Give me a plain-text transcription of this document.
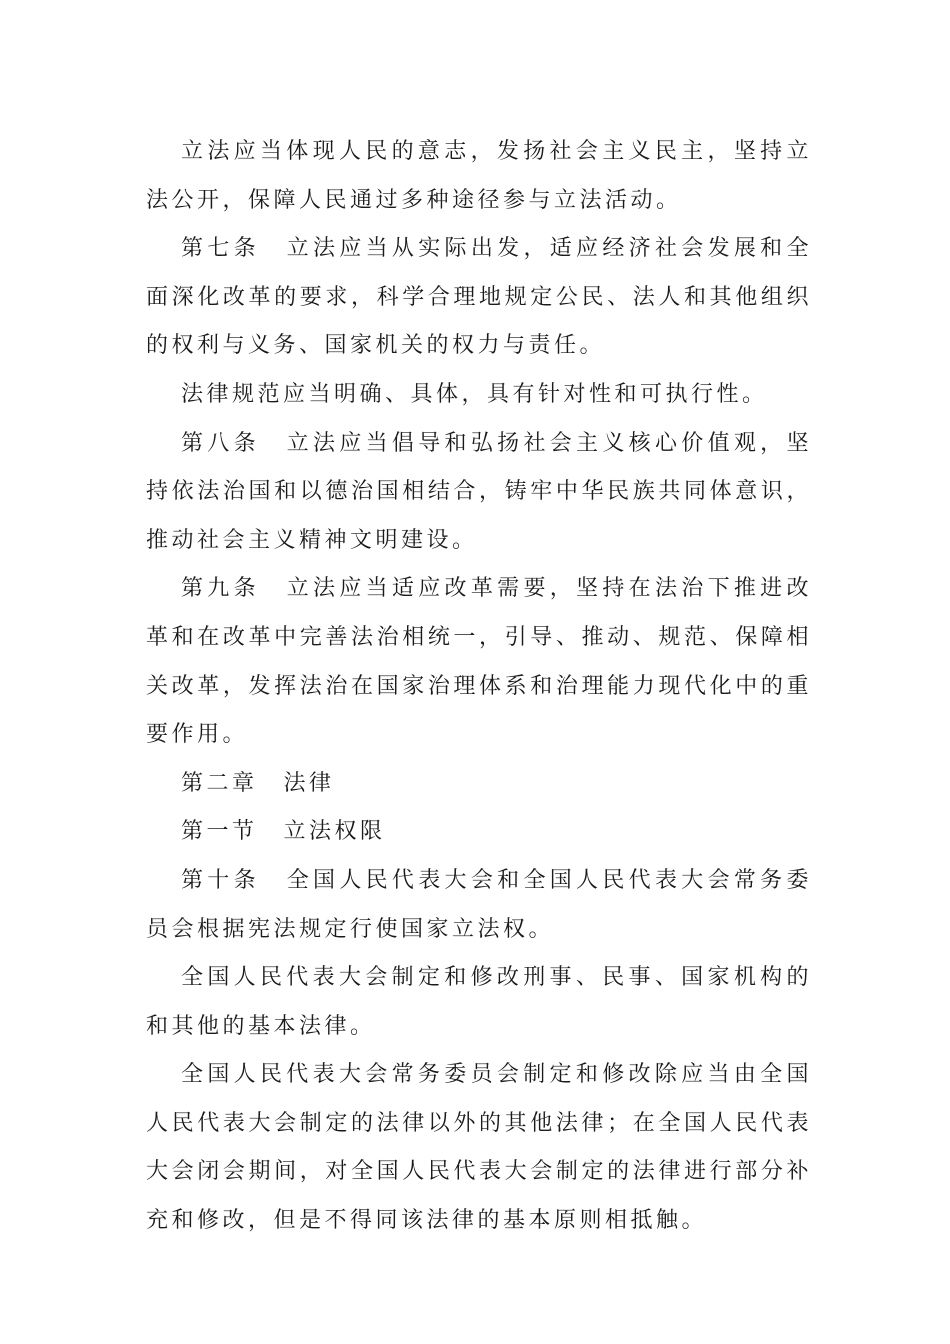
立法应当体现人民的意志，发扬社会主义民主，坚持立法公开，保障人民通过多种途径参与立法活动。

第七条 立法应当从实际出发，适应经济社会发展和全面深化改革的要求，科学合理地规定公民、法人和其他组织的权利与义务、国家机关的权力与责任。

法律规范应当明确、具体，具有针对性和可执行性。

第八条 立法应当倡导和弘扬社会主义核心价值观，坚持依法治国和以德治国相结合，铸牢中华民族共同体意识，推动社会主义精神文明建设。

第九条 立法应当适应改革需要，坚持在法治下推进改革和在改革中完善法治相统一，引导、推动、规范、保障相关改革，发挥法治在国家治理体系和治理能力现代化中的重要作用。

第二章 法律

第一节 立法权限

第十条 全国人民代表大会和全国人民代表大会常务委员会根据宪法规定行使国家立法权。

全国人民代表大会制定和修改刑事、民事、国家机构的和其他的基本法律。

全国人民代表大会常务委员会制定和修改除应当由全国人民代表大会制定的法律以外的其他法律；在全国人民代表大会闭会期间，对全国人民代表大会制定的法律进行部分补充和修改，但是不得同该法律的基本原则相抵触。
